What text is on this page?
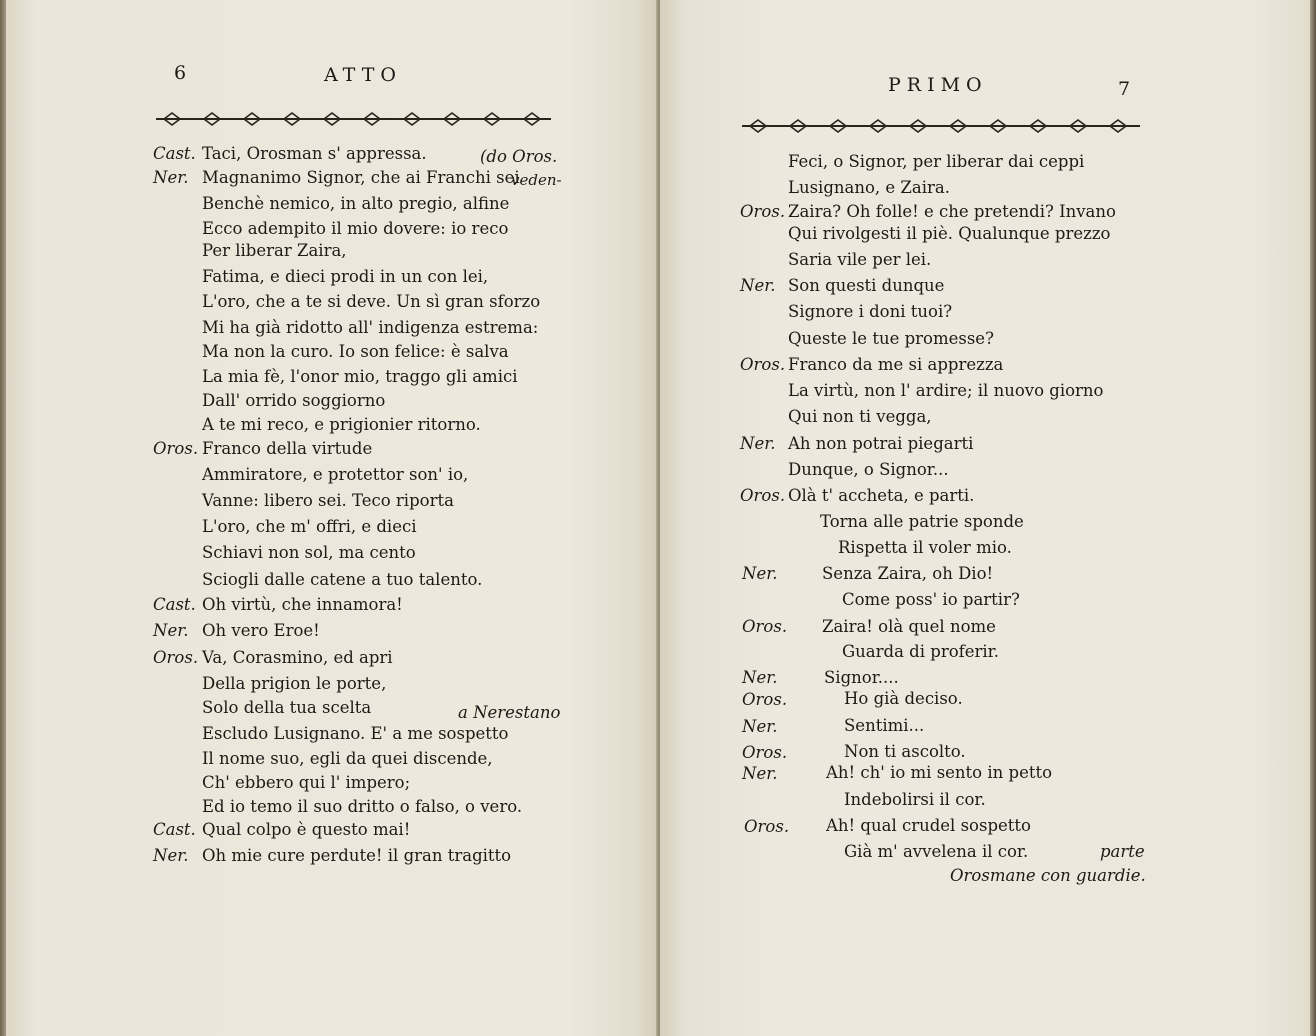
6	ATTO
Cast. Taci, Orosman s' appressa.	(do Oros.
Ner. Magnanimo Signor, che ai Franchi sei
veden-
Benchè nemico, in alto pregio, alfine
Ecco adempito il mio dovere: io reco
Per liberar Zaira,
Fatima, e dieci prodi in un con lei,
L'oro, che a te si deve. Un sì gran sforzo
Mi ha già ridotto all' indigenza estrema:
Ma non la curo. Io son felice: è salva
La mia fè, l'onor mio, traggo gli amici
Dall' orrido soggiorno
A te mi reco, e prigionier ritorno.
Oros. Franco della virtude
Ammiratore, e protettor son' io,
Vanne: libero sei. Teco riporta
L'oro, che m' offri, e dieci
Schiavi non sol, ma cento
Sciogli dalle catene a tuo talento.
Cast. Oh virtù, che innamora!
Ner. Oh vero Eroe!
Oros. Va, Corasmino, ed apri
Della prigion le porte,
Solo della tua scelta	a Nerestano
Escludo Lusignano. E' a me sospetto
Il nome suo, egli da quei discende,
Ch' ebbero qui l' impero;
Ed io temo il suo dritto o falso, o vero.
Cast. Qual colpo è questo mai!
Ner. Oh mie cure perdute! il gran tragitto
PRIMO	7
Feci, o Signor, per liberar dai ceppi
Lusignano, e Zaira.
Oros. Zaira? Oh folle! e che pretendi? Invano
Qui rivolgesti il piè. Qualunque prezzo
Saria vile per lei.
Ner. Son questi dunque
Signore i doni tuoi?
Queste le tue promesse?
Oros. Franco da me si apprezza
La virtù, non l' ardire; il nuovo giorno
Qui non ti vegga,
Ner. Ah non potrai piegarti
Dunque, o Signor...
Oros. Olà t' accheta, e parti.
Torna alle patrie sponde
Rispetta il voler mio.
Ner.	Senza Zaira, oh Dio!
Come poss' io partir?
Oros. Zaira! olà quel nome
Guarda di proferir.
Ner.	Signor....
Oros.	Ho già deciso.
Ner.	Sentimi...
Oros.	Non ti ascolto.
Ner.	Ah! ch' io mi sento in petto
Indebolirsi il cor.
Oros. Ah! qual crudel sospetto
Già m' avvelena il cor.	parte
Orosmane con guardie.
